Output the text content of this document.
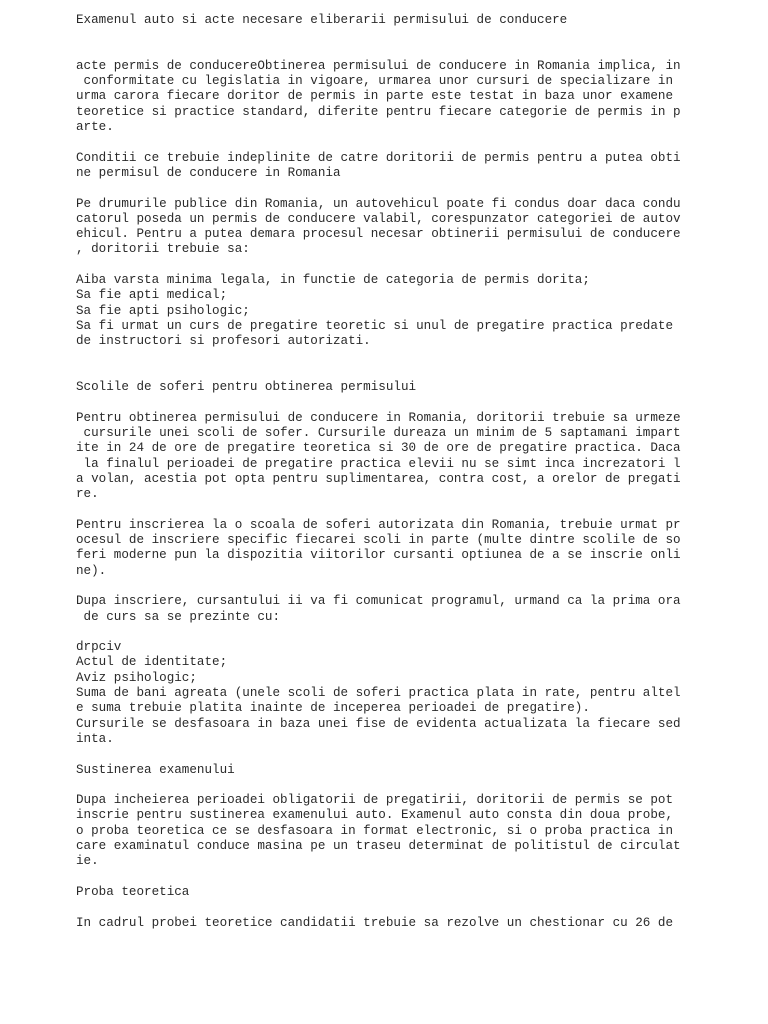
Examenul auto si acte necesare eliberarii permisului de conducere
acte permis de conducereObtinerea permisului de conducere in Romania implica, in
conformitate cu legislatia in vigoare, urmarea unor cursuri de specializare in
urma carora fiecare doritor de permis in parte este testat in baza unor examene
teoretice si practice standard, diferite pentru fiecare categorie de permis in p
arte.
Conditii ce trebuie indeplinite de catre doritorii de permis pentru a putea obti
ne permisul de conducere in Romania
Pe drumurile publice din Romania, un autovehicul poate fi condus doar daca condu
catorul poseda un permis de conducere valabil, corespunzator categoriei de autov
ehicul. Pentru a putea demara procesul necesar obtinerii permisului de conducere
, doritorii trebuie sa:
Aiba varsta minima legala, in functie de categoria de permis dorita;
Sa fie apti medical;
Sa fie apti psihologic;
Sa fi urmat un curs de pregatire teoretic si unul de pregatire practica predate
de instructori si profesori autorizati.
Scolile de soferi pentru obtinerea permisului
Pentru obtinerea permisului de conducere in Romania, doritorii trebuie sa urmeze
cursurile unei scoli de sofer. Cursurile dureaza un minim de 5 saptamani impart
ite in 24 de ore de pregatire teoretica si 30 de ore de pregatire practica. Daca
la finalul perioadei de pregatire practica elevii nu se simt inca increzatori l
a volan, acestia pot opta pentru suplimentarea, contra cost, a orelor de pregati
re.
Pentru inscrierea la o scoala de soferi autorizata din Romania, trebuie urmat pr
ocesul de inscriere specific fiecarei scoli in parte (multe dintre scolile de so
feri moderne pun la dispozitia viitorilor cursanti optiunea de a se inscrie onli
ne).
Dupa inscriere, cursantului ii va fi comunicat programul, urmand ca la prima ora
de curs sa se prezinte cu:
drpciv
Actul de identitate;
Aviz psihologic;
Suma de bani agreata (unele scoli de soferi practica plata in rate, pentru altel
e suma trebuie platita inainte de inceperea perioadei de pregatire).
Cursurile se desfasoara in baza unei fise de evidenta actualizata la fiecare sed
inta.
Sustinerea examenului
Dupa incheierea perioadei obligatorii de pregatirii, doritorii de permis se pot
inscrie pentru sustinerea examenului auto. Examenul auto consta din doua probe,
o proba teoretica ce se desfasoara in format electronic, si o proba practica in
care examinatul conduce masina pe un traseu determinat de politistul de circulat
ie.
Proba teoretica
In cadrul probei teoretice candidatii trebuie sa rezolve un chestionar cu 26 de
